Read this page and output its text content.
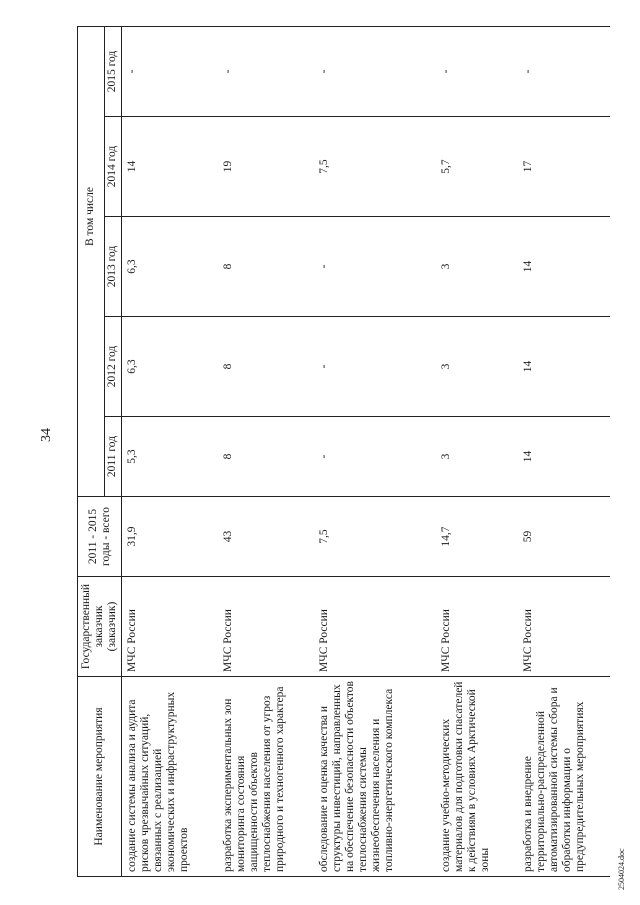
34
Наименование мероприятия	Государственный заказчик (заказчик)	2011 - 2015 годы - всего			В том числе		
			2011 год	2012 год	2013 год	2014 год	2015 год
создание системы анализа и аудита рисков чрезвычайных ситуаций, связанных с реализацией экономических и инфраструктурных проектов	МЧС России	31,9	5,3	6,3	6,3	14	-
разработка экспериментальных зон мониторинга состояния защищенности объектов теплоснабжения населения от угроз природного и техногенного характера	МЧС России	43	8	8	8	19	-
обследование и оценка качества и структуры инвестиций, направленных на обеспечение безопасности объектов теплоснабжения системы жизнеобеспечения населения и топливно-энергетического комплекса	МЧС России	7,5	-	-	-	7,5	-
создание учебно-методических материалов для подготовки спасателей к действиям в условиях Арктической зоны	МЧС России	14,7	3	3	3	5,7	-
разработка и внедрение территориально-распределенной автоматизированной системы сбора и обработки информации о предупредительных мероприятиях	МЧС России	59	14	14	14	17	-
2504024.doc
